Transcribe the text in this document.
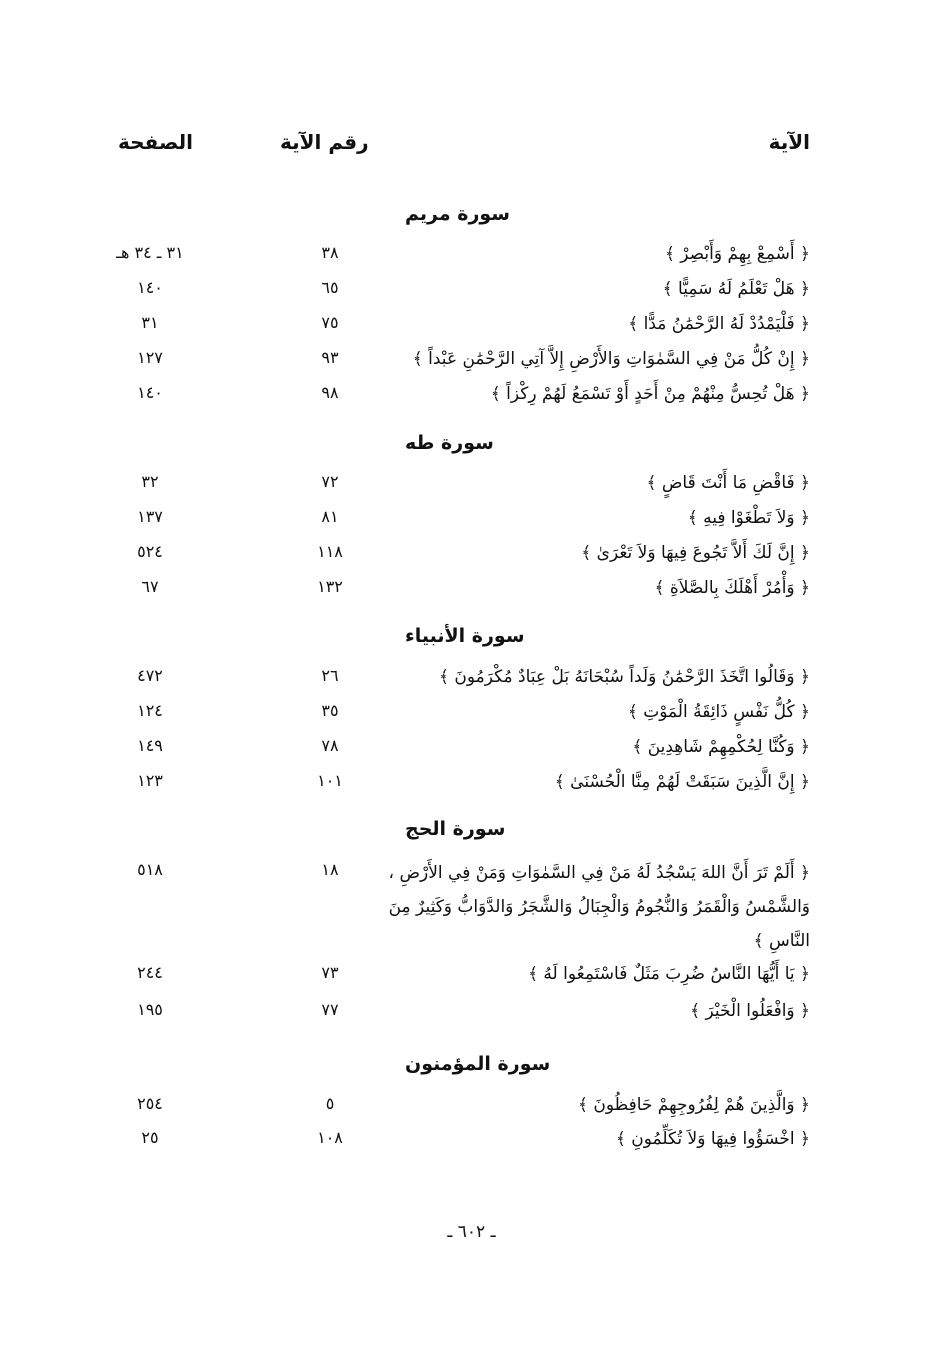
الآية
رقم الآية
الصفحة
سورة مريم
﴿ أَسْمِعْ بِهِمْ وَأَبْصِرْ ﴾
٣٨
٣١ ـ ٣٤ هـ
﴿ هَلْ تَعْلَمُ لَهُ سَمِيًّا ﴾
٦٥
١٤٠
﴿ فَلْيَمْدُدْ لَهُ الرَّحْمَٰنُ مَدًّا ﴾
٧٥
٣١
﴿ إِنْ كُلُّ مَنْ فِي السَّمٰوَاتِ وَالأَرْضِ إِلاَّ آتِي الرَّحْمَٰنِ عَبْداً ﴾
٩٣
١٢٧
﴿ هَلْ تُحِسُّ مِنْهُمْ مِنْ أَحَدٍ أَوْ تَسْمَعُ لَهُمْ رِكْزاً ﴾
٩٨
١٤٠
سورة طه
﴿ فَاقْضِ مَا أَنْتَ قَاضٍ ﴾
٧٢
٣٢
﴿ وَلاَ تَطْغَوْا فِيهِ ﴾
٨١
١٣٧
﴿ إِنَّ لَكَ أَلاَّ تَجُوعَ فِيهَا وَلاَ تَعْرَىٰ ﴾
١١٨
٥٢٤
﴿ وَأْمُرْ أَهْلَكَ بِالصَّلاَةِ ﴾
١٣٢
٦٧
سورة الأنبياء
﴿ وَقَالُوا اتَّخَذَ الرَّحْمَٰنُ وَلَداً سُبْحَانَهُ بَلْ عِبَادٌ مُكْرَمُونَ ﴾
٢٦
٤٧٢
﴿ كُلُّ نَفْسٍ ذَائِقَةُ الْمَوْتِ ﴾
٣٥
١٢٤
﴿ وَكُنَّا لِحُكْمِهِمْ شَاهِدِينَ ﴾
٧٨
١٤٩
﴿ إِنَّ الَّذِينَ سَبَقَتْ لَهُمْ مِنَّا الْحُسْنَىٰ ﴾
١٠١
١٢٣
سورة الحج
﴿ أَلَمْ تَرَ أَنَّ اللهَ يَسْجُدُ لَهُ مَنْ فِي السَّمٰوَاتِ وَمَنْ فِي الأَرْضِ ، وَالشَّمْسُ وَالْقَمَرُ وَالنُّجُومُ وَالْجِبَالُ وَالشَّجَرُ وَالدَّوَابُّ وَكَثِيرٌ مِنَ النَّاسِ ﴾
١٨
٥١٨
﴿ يَا أَيُّهَا النَّاسُ ضُرِبَ مَثَلٌ فَاسْتَمِعُوا لَهُ ﴾
٧٣
٢٤٤
﴿ وَافْعَلُوا الْخَيْرَ ﴾
٧٧
١٩٥
سورة المؤمنون
﴿ وَالَّذِينَ هُمْ لِفُرُوجِهِمْ حَافِظُونَ ﴾
٥
٢٥٤
﴿ اخْسَؤُوا فِيهَا وَلاَ تُكَلِّمُونِ ﴾
١٠٨
٢٥
ـ ٦٠٢ ـ
